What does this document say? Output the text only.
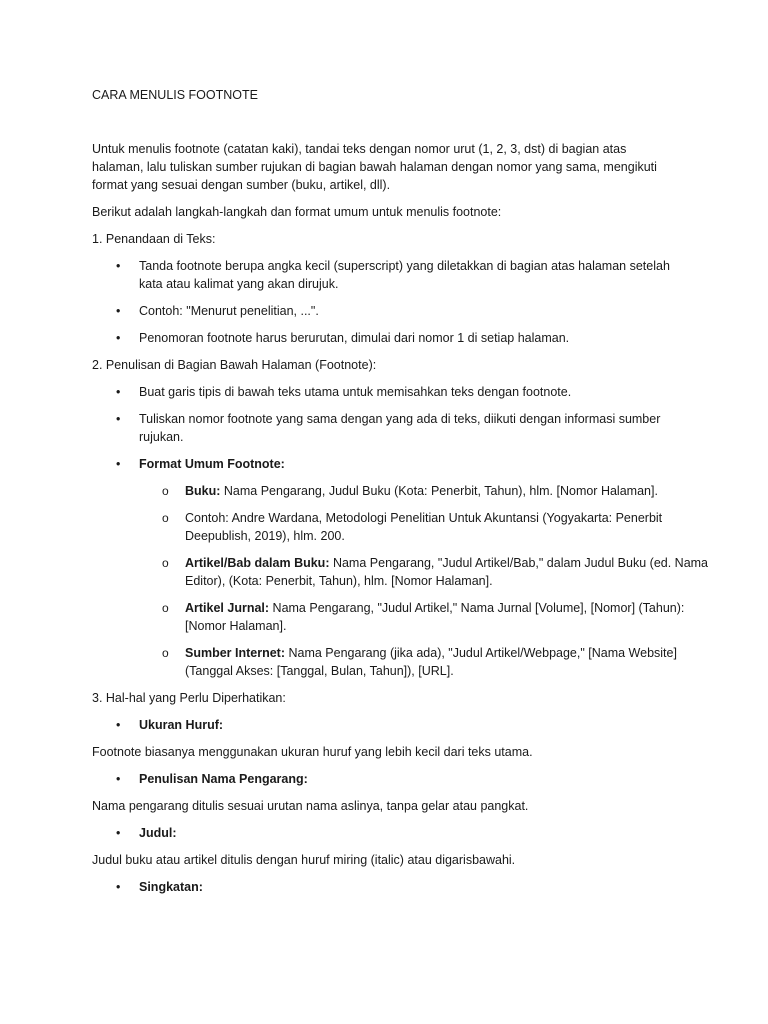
CARA MENULIS FOOTNOTE

Untuk menulis footnote (catatan kaki), tandai teks dengan nomor urut (1, 2, 3, dst) di bagian atas halaman, lalu tuliskan sumber rujukan di bagian bawah halaman dengan nomor yang sama, mengikuti format yang sesuai dengan sumber (buku, artikel, dll).

Berikut adalah langkah-langkah dan format umum untuk menulis footnote:

1. Penandaan di Teks:

•	Tanda footnote berupa angka kecil (superscript) yang diletakkan di bagian atas halaman setelah kata atau kalimat yang akan dirujuk.
•	Contoh: "Menurut penelitian, ...".
•	Penomoran footnote harus berurutan, dimulai dari nomor 1 di setiap halaman.

2. Penulisan di Bagian Bawah Halaman (Footnote):

•	Buat garis tipis di bawah teks utama untuk memisahkan teks dengan footnote.
•	Tuliskan nomor footnote yang sama dengan yang ada di teks, diikuti dengan informasi sumber rujukan.
•	Format Umum Footnote:
o Buku: Nama Pengarang, Judul Buku (Kota: Penerbit, Tahun), hlm. [Nomor Halaman].
o Contoh: Andre Wardana, Metodologi Penelitian Untuk Akuntansi (Yogyakarta: Penerbit Deepublish, 2019), hlm. 200.
o Artikel/Bab dalam Buku: Nama Pengarang, "Judul Artikel/Bab," dalam Judul Buku (ed. Nama Editor), (Kota: Penerbit, Tahun), hlm. [Nomor Halaman].
o Artikel Jurnal: Nama Pengarang, "Judul Artikel," Nama Jurnal [Volume], [Nomor] (Tahun): [Nomor Halaman].
o Sumber Internet: Nama Pengarang (jika ada), "Judul Artikel/Webpage," [Nama Website] (Tanggal Akses: [Tanggal, Bulan, Tahun]), [URL].

3. Hal-hal yang Perlu Diperhatikan:

•	Ukuran Huruf:

Footnote biasanya menggunakan ukuran huruf yang lebih kecil dari teks utama.

•	Penulisan Nama Pengarang:

Nama pengarang ditulis sesuai urutan nama aslinya, tanpa gelar atau pangkat.

•	Judul:

Judul buku atau artikel ditulis dengan huruf miring (italic) atau digarisbawahi.

•	Singkatan:
